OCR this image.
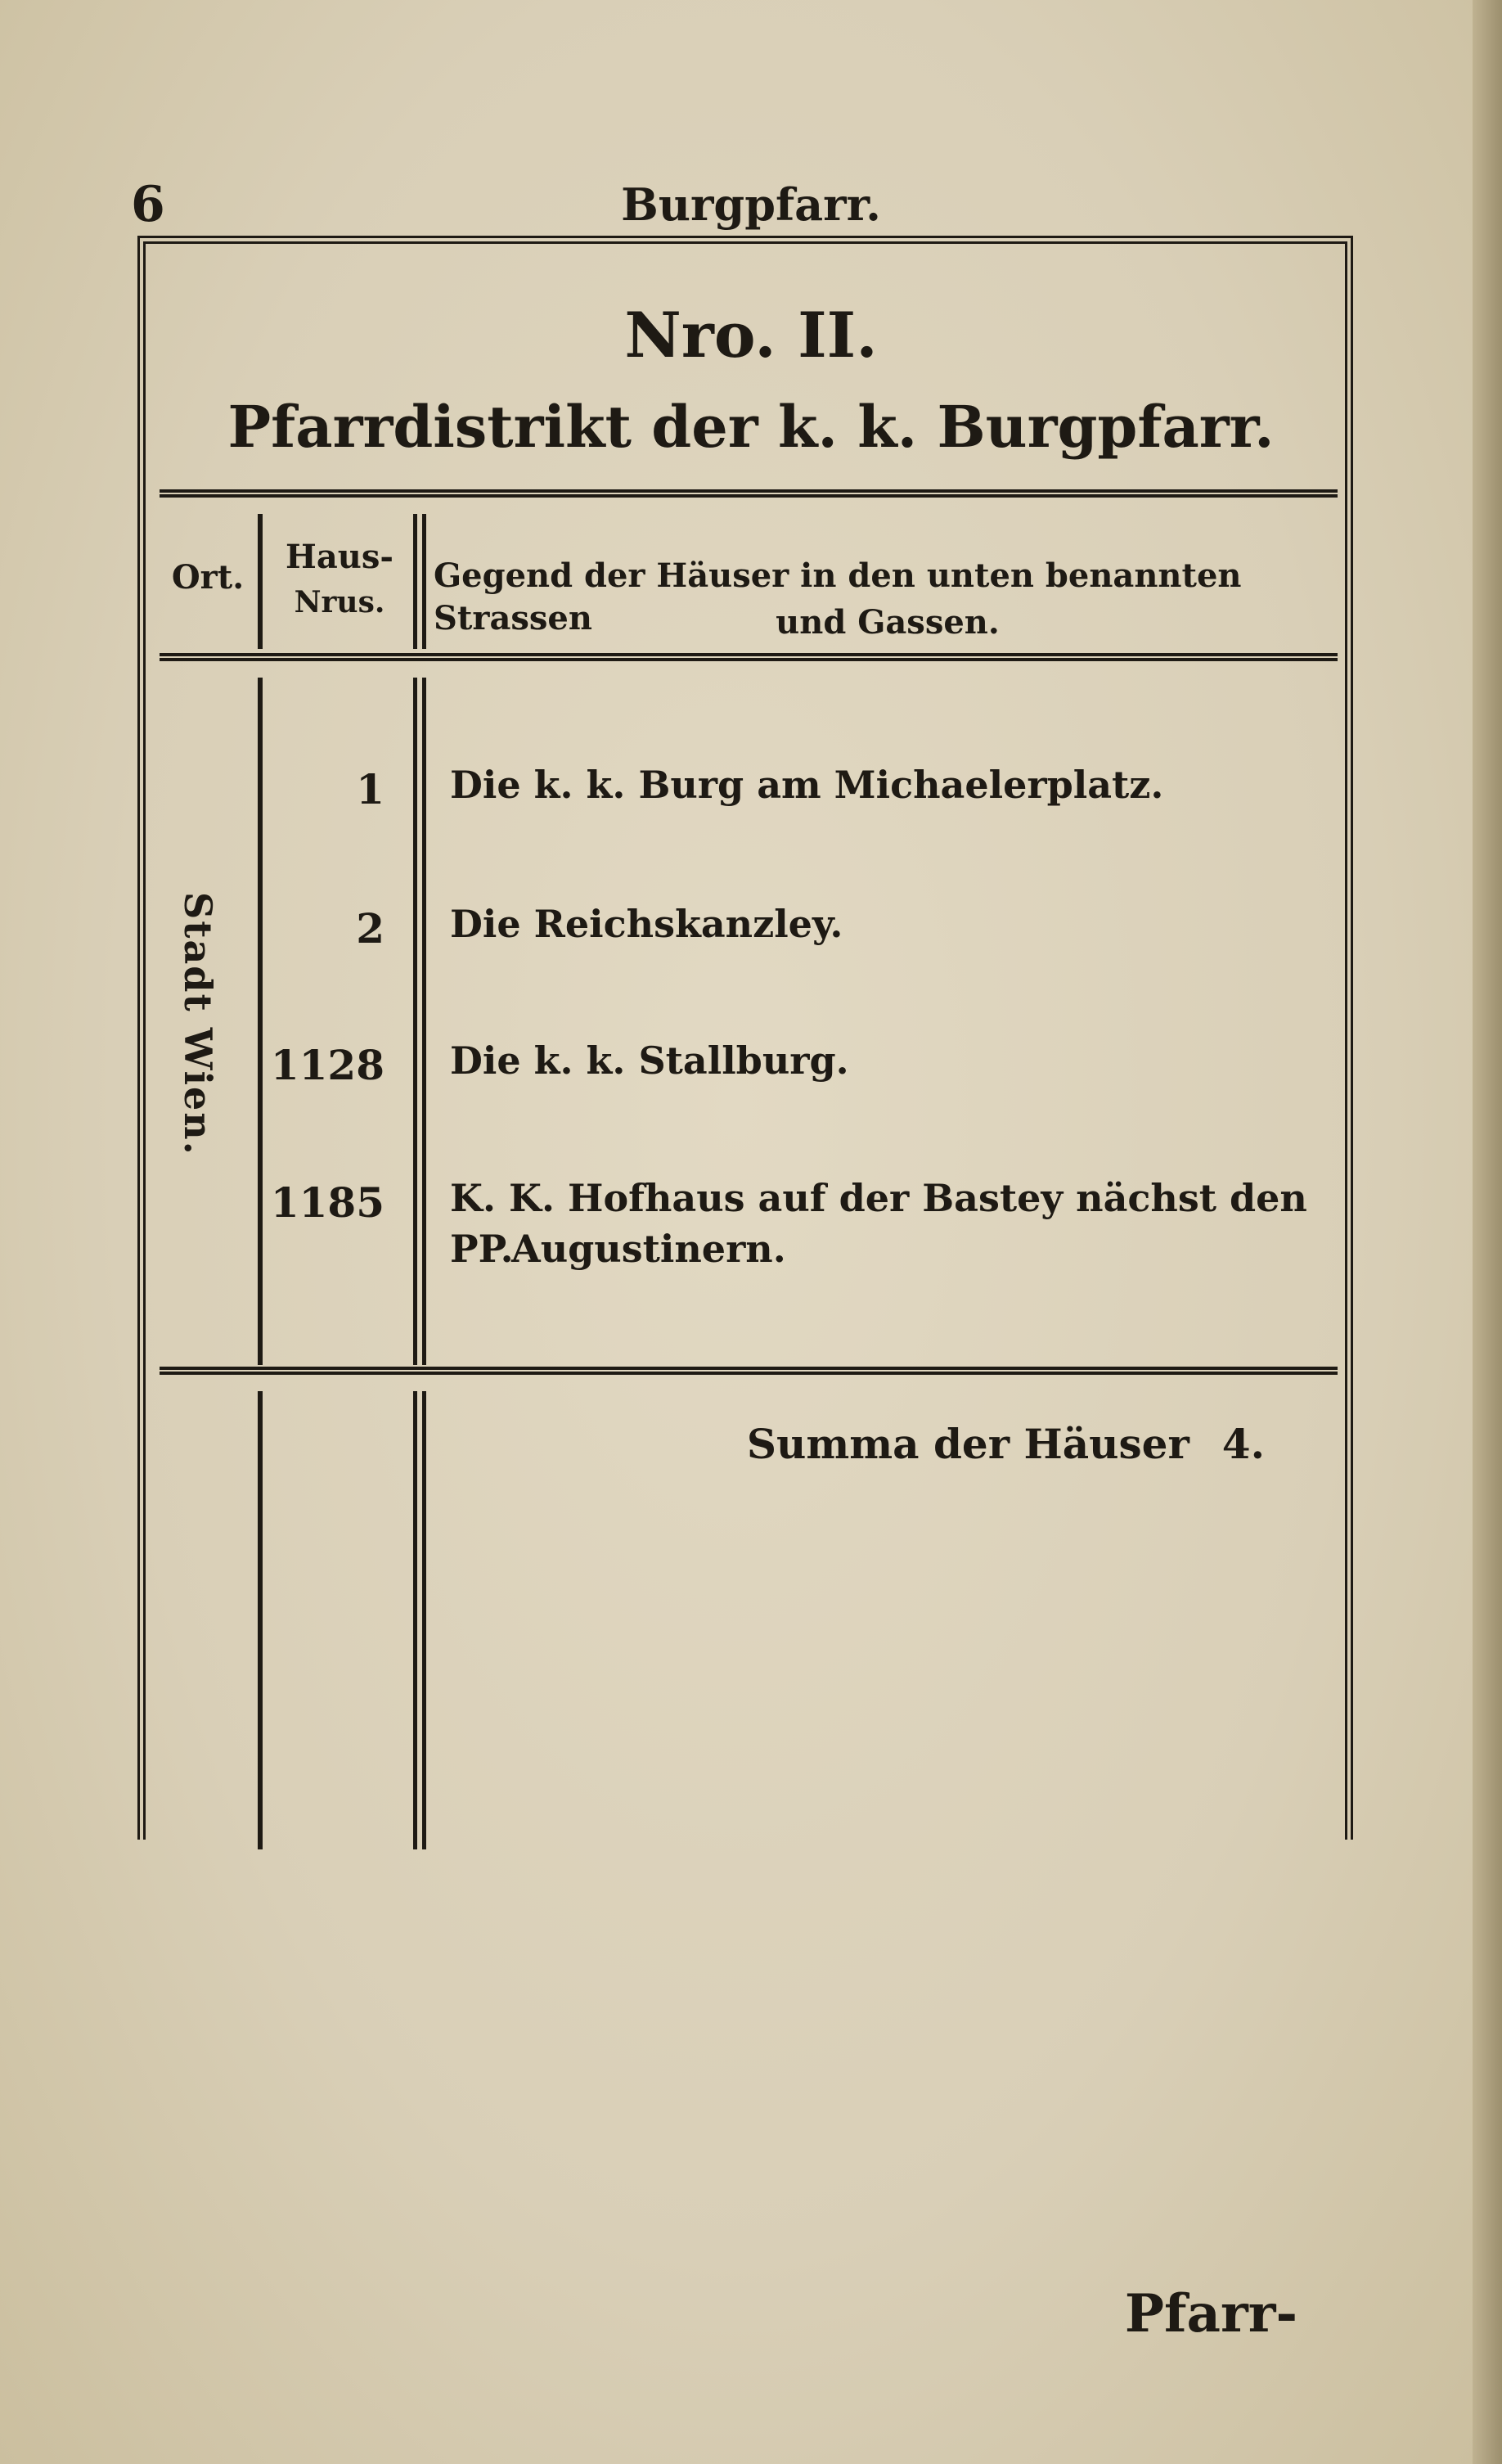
6	Burgpfarr.
Nro. II.
Pfarrdistrikt der k. k. Burgpfarr.
Ort.
Haus-
Nrus.
Gegend der Häuser in den unten benannten Strassen	und Gassen.
Stadt Wien.
1 Die k. k. Burg am Michaelerplatz.
2 Die Reichskanzley.
1128 Die k. k. Stallburg.
1185 K. K. Hofhaus auf der Bastey nächst den PP.
Augustinern.
Summa der Häuser 4.
Pfarr-
